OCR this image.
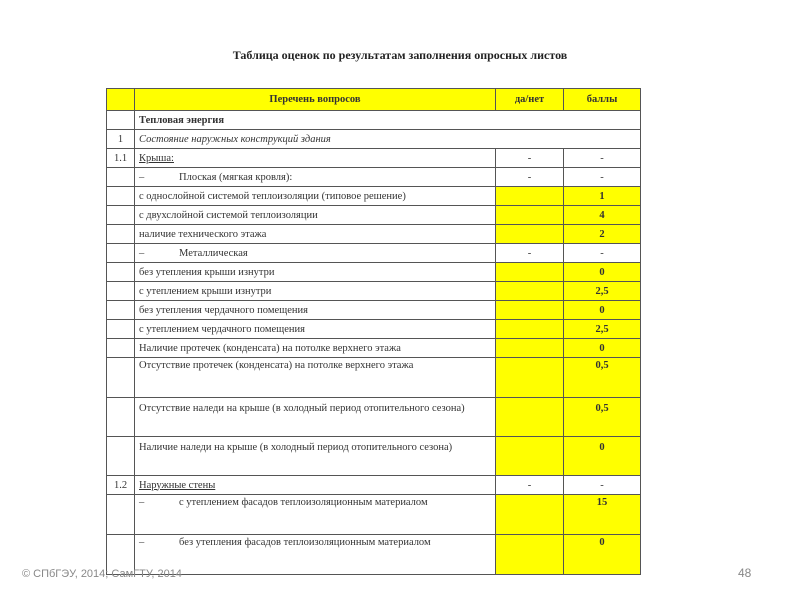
Таблица оценок по результатам заполнения опросных листов
	Перечень вопросов	да/нет	баллы
	Тепловая энергия		
1	Состояние наружных конструкций здания		
1.1	Крыша:	-	-
	– Плоская (мягкая кровля):	-	-
	с однослойной системой теплоизоляции (типовое решение)		1
	с двухслойной системой теплоизоляции		4
	наличие технического этажа		2
	– Металлическая	-	-
	без утепления крыши изнутри		0
	с утеплением крыши изнутри		2,5
	без утепления чердачного помещения		0
	с утеплением чердачного помещения		2,5
	Наличие протечек (конденсата) на потолке верхнего этажа		0
	Отсутствие протечек (конденсата) на потолке верхнего этажа		0,5
	Отсутствие наледи на крыше (в холодный период отопительного сезона)		0,5
	Наличие наледи на крыше (в холодный период отопительного сезона)		0
1.2	Наружные стены	-	-
	– с утеплением фасадов теплоизоляционным материалом		15
	– без утепления фасадов теплоизоляционным материалом		0
© СПбГЭУ, 2014; СамГТУ, 2014	48
